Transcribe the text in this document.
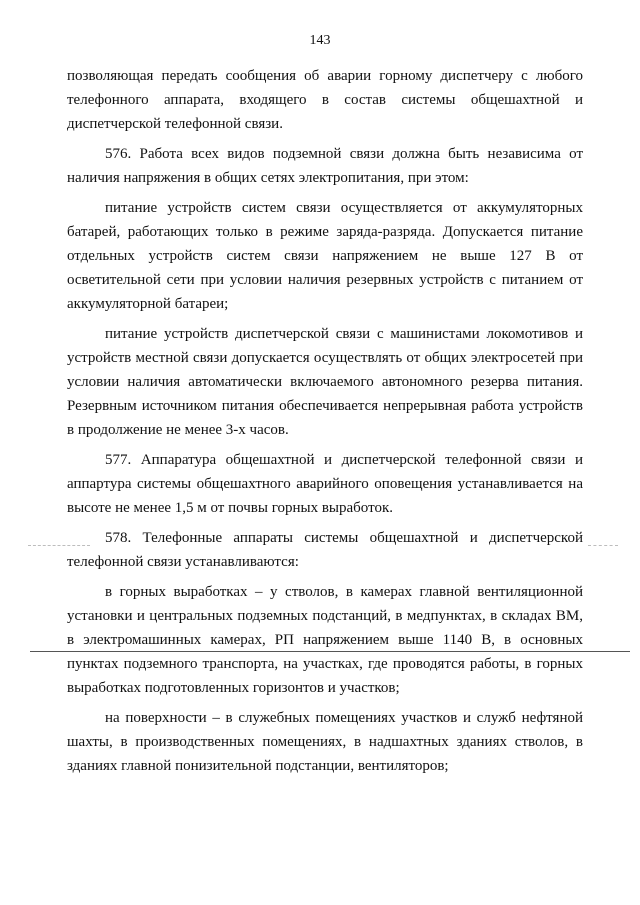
143

позволяющая передать сообщения об аварии горному диспетчеру с любого телефонного аппарата, входящего в состав системы общешахтной и диспетчерской телефонной связи.

576. Работа всех видов подземной связи должна быть независима от наличия напряжения в общих сетях электропитания, при этом:

питание устройств систем связи осуществляется от аккумуляторных батарей, работающих только в режиме заряда-разряда. Допускается питание отдельных устройств систем связи напряжением не выше 127 В от осветительной сети при условии наличия резервных устройств с питанием от аккумуляторной батареи;

питание устройств диспетчерской связи с машинистами локомотивов и устройств местной связи допускается осуществлять от общих электросетей при условии наличия автоматически включаемого автономного резерва питания. Резервным источником питания обеспечивается непрерывная работа устройств в продолжение не менее 3-х часов.

577. Аппаратура общешахтной и диспетчерской телефонной связи и аппартура системы общешахтного аварийного оповещения устанавливается на высоте не менее 1,5 м от почвы горных выработок.

578. Телефонные аппараты системы общешахтной и диспетчерской телефонной связи устанавливаются:

в горных выработках – у стволов, в камерах главной вентиляционной установки и центральных подземных подстанций, в медпунктах, в складах ВМ, в электромашинных камерах, РП напряжением выше 1140 В, в основных пунктах подземного транспорта, на участках, где проводятся работы, в горных выработках подготовленных горизонтов и участков;

на поверхности – в служебных помещениях участков и служб нефтяной шахты, в производственных помещениях, в надшахтных зданиях стволов, в зданиях главной понизительной подстанции, вентиляторов;
